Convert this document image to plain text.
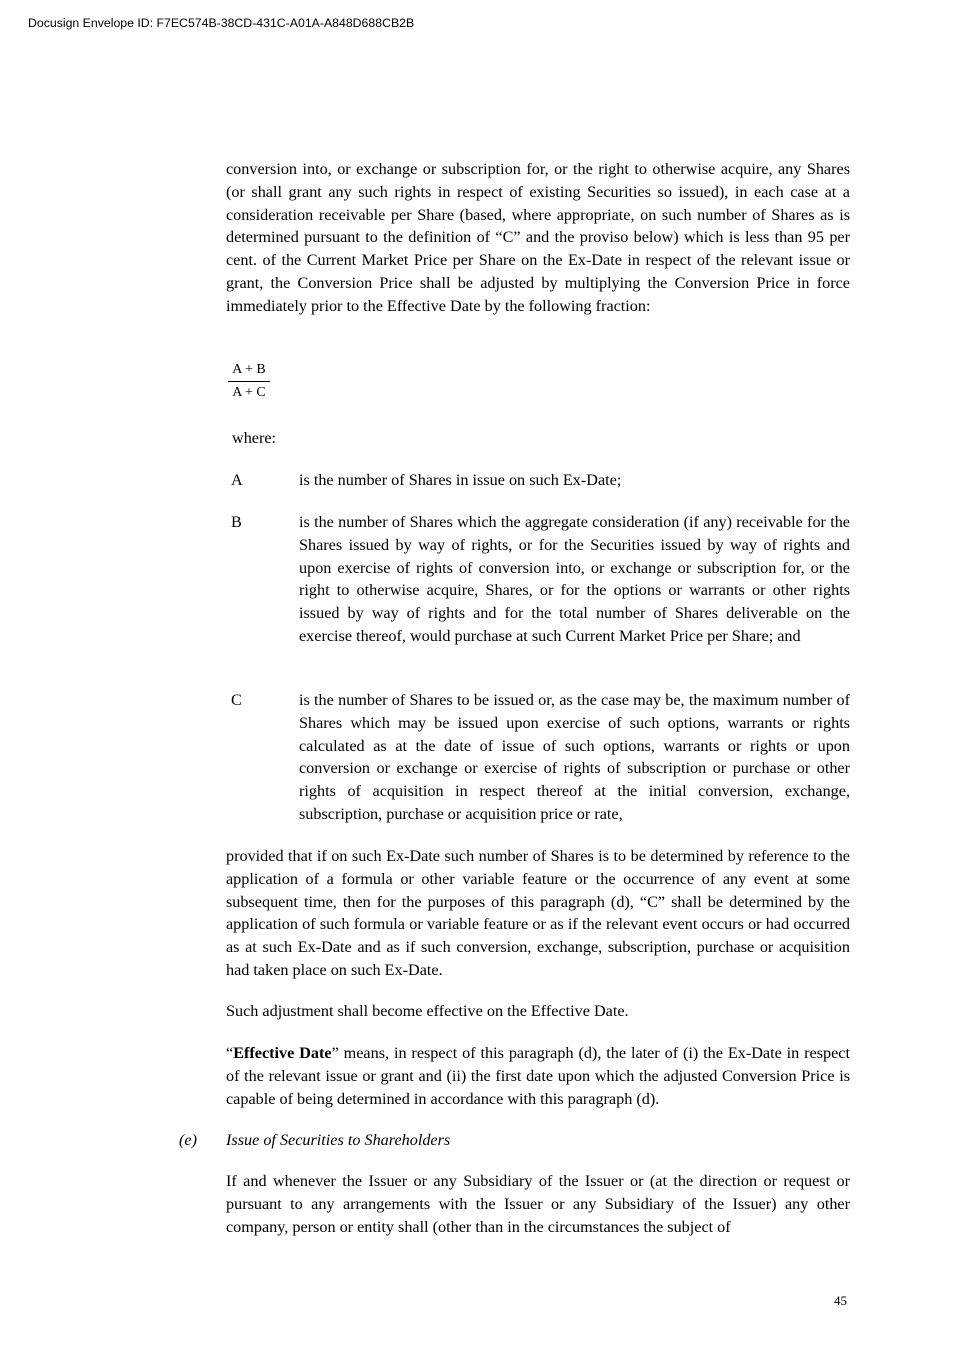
Docusign Envelope ID: F7EC574B-38CD-431C-A01A-A848D688CB2B

conversion into, or exchange or subscription for, or the right to otherwise acquire, any Shares (or shall grant any such rights in respect of existing Securities so issued), in each case at a consideration receivable per Share (based, where appropriate, on such number of Shares as is determined pursuant to the definition of “C” and the proviso below) which is less than 95 per cent. of the Current Market Price per Share on the Ex-Date in respect of the relevant issue or grant, the Conversion Price shall be adjusted by multiplying the Conversion Price in force immediately prior to the Effective Date by the following fraction:

$\frac{A + B}{A + C}$
where:
A	is the number of Shares in issue on such Ex-Date;

B	is the number of Shares which the aggregate consideration (if any) receivable for the Shares issued by way of rights, or for the Securities issued by way of rights and upon exercise of rights of conversion into, or exchange or subscription for, or the right to otherwise acquire, Shares, or for the options or warrants or other rights issued by way of rights and for the total number of Shares deliverable on the exercise thereof, would purchase at such Current Market Price per Share; and

C	is the number of Shares to be issued or, as the case may be, the maximum number of Shares which may be issued upon exercise of such options, warrants or rights calculated as at the date of issue of such options, warrants or rights or upon conversion or exchange or exercise of rights of subscription or purchase or other rights of acquisition in respect thereof at the initial conversion, exchange, subscription, purchase or acquisition price or rate,

provided that if on such Ex-Date such number of Shares is to be determined by reference to the application of a formula or other variable feature or the occurrence of any event at some subsequent time, then for the purposes of this paragraph (d), “C” shall be determined by the application of such formula or variable feature or as if the relevant event occurs or had occurred as at such Ex-Date and as if such conversion, exchange, subscription, purchase or acquisition had taken place on such Ex-Date.

Such adjustment shall become effective on the Effective Date.

“Effective Date” means, in respect of this paragraph (d), the later of (i) the Ex-Date in respect of the relevant issue or grant and (ii) the first date upon which the adjusted Conversion Price is capable of being determined in accordance with this paragraph (d).

(e) Issue of Securities to Shareholders

If and whenever the Issuer or any Subsidiary of the Issuer or (at the direction or request or pursuant to any arrangements with the Issuer or any Subsidiary of the Issuer) any other company, person or entity shall (other than in the circumstances the subject of

45
